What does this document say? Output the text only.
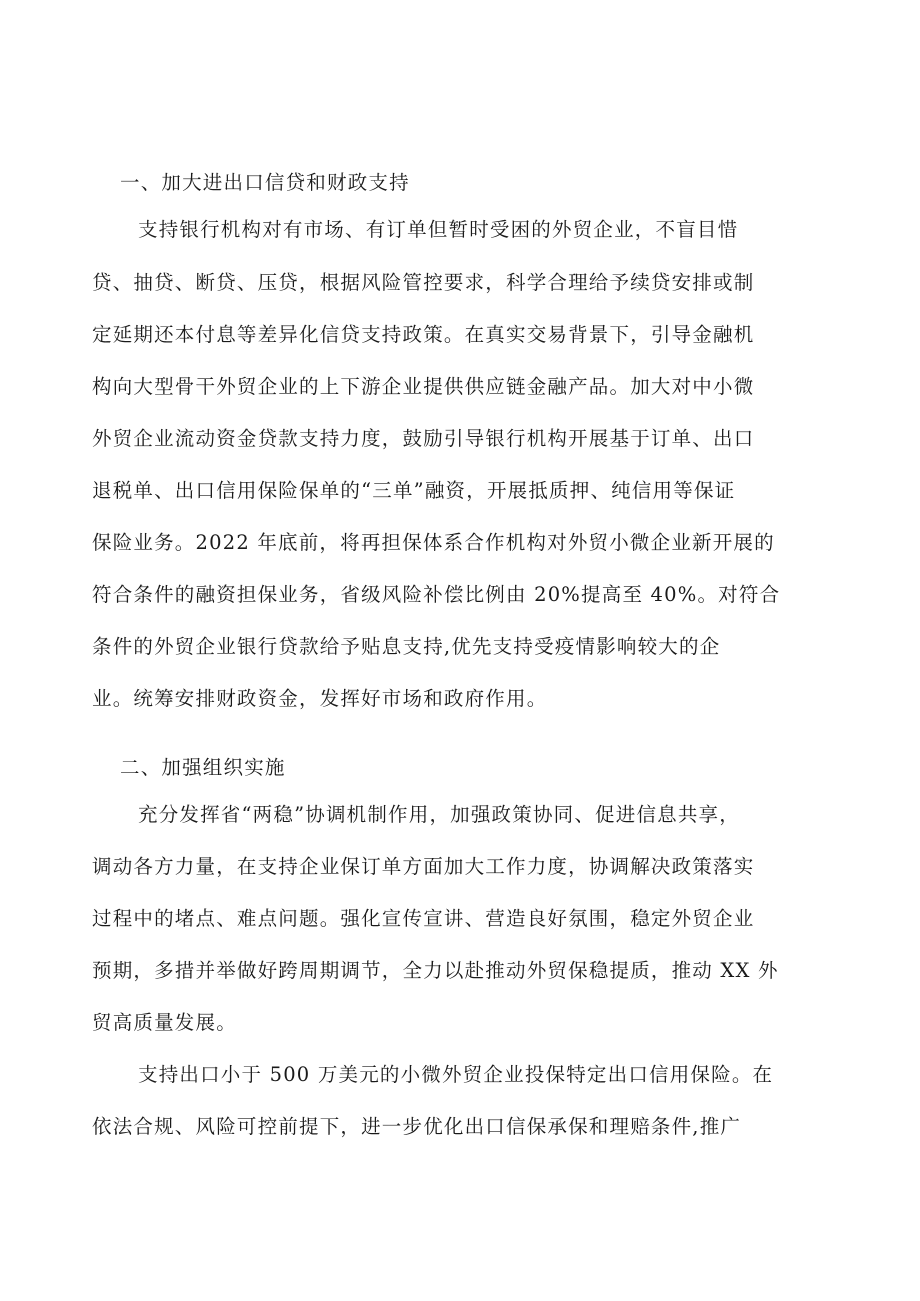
一、加大进出口信贷和财政支持
支持银行机构对有市场、有订单但暂时受困的外贸企业，不盲目惜
贷、抽贷、断贷、压贷，根据风险管控要求，科学合理给予续贷安排或制
定延期还本付息等差异化信贷支持政策。在真实交易背景下，引导金融机
构向大型骨干外贸企业的上下游企业提供供应链金融产品。加大对中小微
外贸企业流动资金贷款支持力度，鼓励引导银行机构开展基于订单、出口
退税单、出口信用保险保单的“三单”融资，开展抵质押、纯信用等保证
保险业务。2022 年底前，将再担保体系合作机构对外贸小微企业新开展的
符合条件的融资担保业务，省级风险补偿比例由 20%提高至 40%。对符合
条件的外贸企业银行贷款给予贴息支持,优先支持受疫情影响较大的企
业。统筹安排财政资金，发挥好市场和政府作用。
二、加强组织实施
充分发挥省“两稳”协调机制作用，加强政策协同、促进信息共享，
调动各方力量，在支持企业保订单方面加大工作力度，协调解决政策落实
过程中的堵点、难点问题。强化宣传宣讲、营造良好氛围，稳定外贸企业
预期，多措并举做好跨周期调节，全力以赴推动外贸保稳提质，推动 XX 外
贸高质量发展。
支持出口小于 500 万美元的小微外贸企业投保特定出口信用保险。在
依法合规、风险可控前提下，进一步优化出口信保承保和理赔条件,推广
